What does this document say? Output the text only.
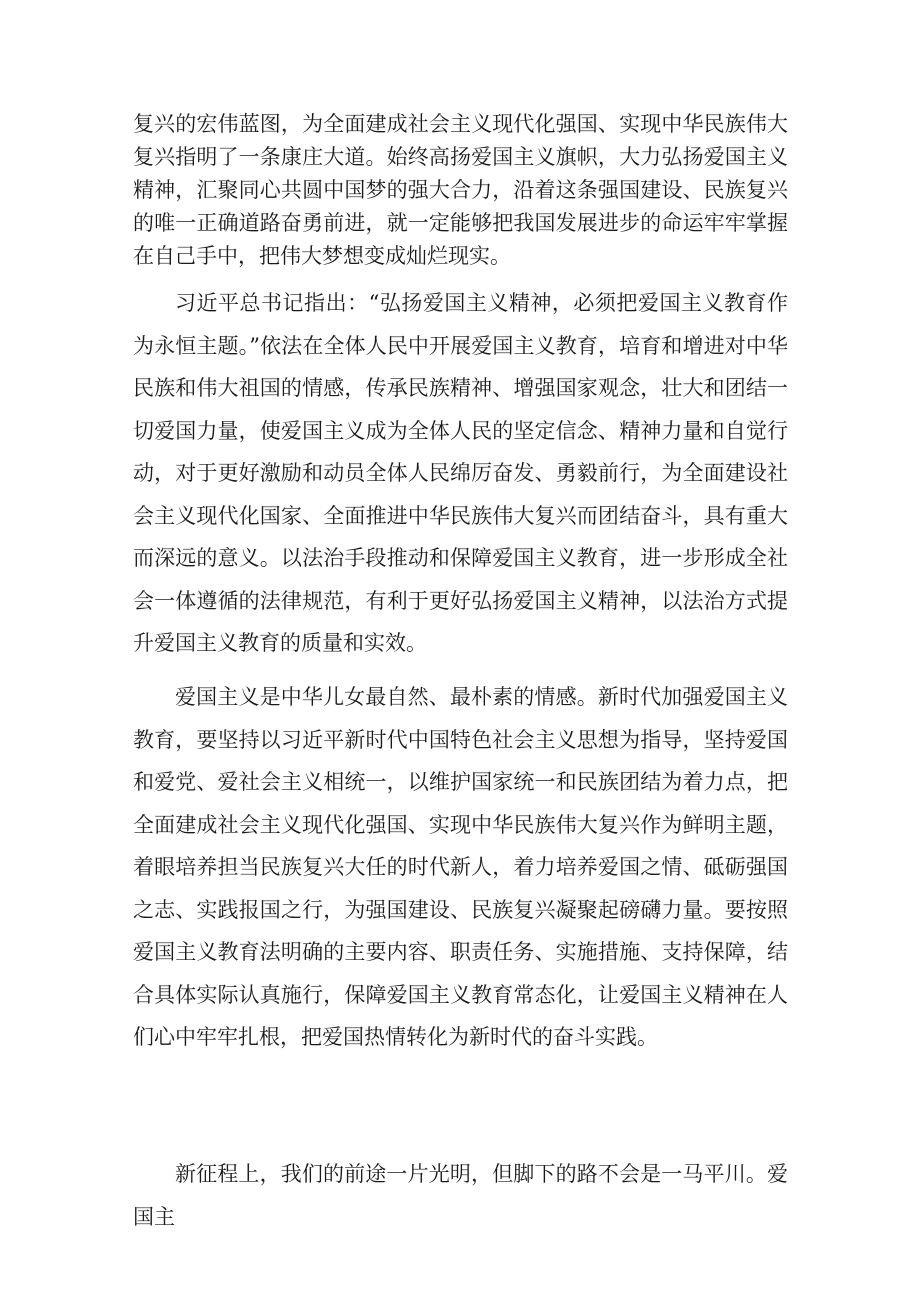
复兴的宏伟蓝图，为全面建成社会主义现代化强国、实现中华民族伟大复兴指明了一条康庄大道。始终高扬爱国主义旗帜，大力弘扬爱国主义精神，汇聚同心共圆中国梦的强大合力，沿着这条强国建设、民族复兴的唯一正确道路奋勇前进，就一定能够把我国发展进步的命运牢牢掌握在自己手中，把伟大梦想变成灿烂现实。

习近平总书记指出：“弘扬爱国主义精神，必须把爱国主义教育作为永恒主题。”依法在全体人民中开展爱国主义教育，培育和增进对中华民族和伟大祖国的情感，传承民族精神、增强国家观念，壮大和团结一切爱国力量，使爱国主义成为全体人民的坚定信念、精神力量和自觉行动，对于更好激励和动员全体人民绵厉奋发、勇毅前行，为全面建设社会主义现代化国家、全面推进中华民族伟大复兴而团结奋斗，具有重大而深远的意义。以法治手段推动和保障爱国主义教育，进一步形成全社会一体遵循的法律规范，有利于更好弘扬爱国主义精神，以法治方式提升爱国主义教育的质量和实效。

爱国主义是中华儿女最自然、最朴素的情感。新时代加强爱国主义教育，要坚持以习近平新时代中国特色社会主义思想为指导，坚持爱国和爱党、爱社会主义相统一，以维护国家统一和民族团结为着力点，把全面建成社会主义现代化强国、实现中华民族伟大复兴作为鲜明主题，着眼培养担当民族复兴大任的时代新人，着力培养爱国之情、砥砺强国之志、实践报国之行，为强国建设、民族复兴凝聚起磅礴力量。要按照爱国主义教育法明确的主要内容、职责任务、实施措施、支持保障，结合具体实际认真施行，保障爱国主义教育常态化，让爱国主义精神在人们心中牢牢扎根，把爱国热情转化为新时代的奋斗实践。

新征程上，我们的前途一片光明，但脚下的路不会是一马平川。爱国主
